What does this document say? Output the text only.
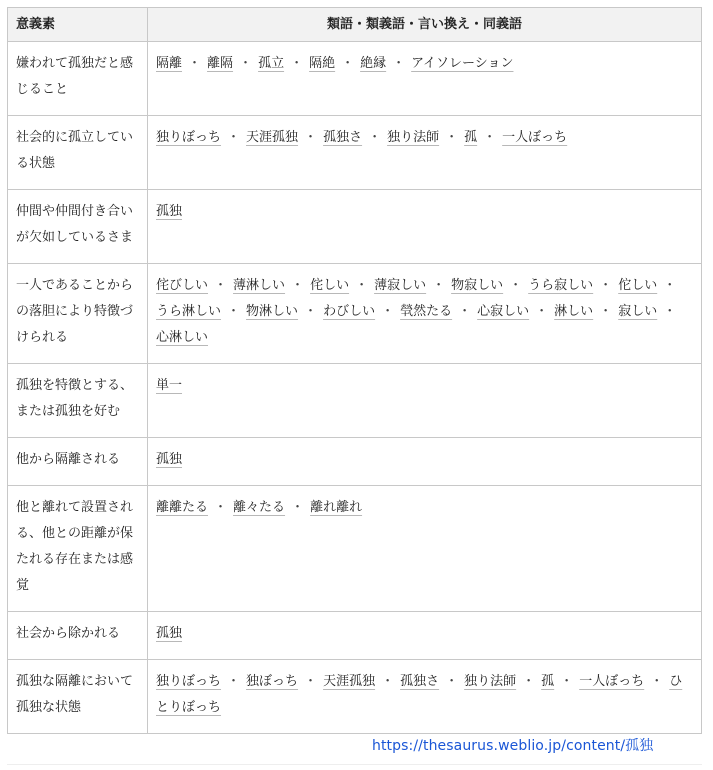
意義素	類語・類義語・言い換え・同義語
嫌われて孤独だと感じること	隔離 ・ 離隔 ・ 孤立 ・ 隔絶 ・ 絶縁 ・ アイソレーション
社会的に孤立している状態	独りぼっち ・ 天涯孤独 ・ 孤独さ ・ 独り法師 ・ 孤 ・ 一人ぼっち
仲間や仲間付き合いが欠如しているさま	孤独
一人であることからの落胆により特徴づけられる	侘びしい ・ 薄淋しい ・ 侘しい ・ 薄寂しい ・ 物寂しい ・ うら寂しい ・ 佗しい ・うら淋しい ・ 物淋しい ・ わびしい ・ 煢然たる ・ 心寂しい ・ 淋しい ・ 寂しい ・心淋しい
孤独を特徴とする、または孤独を好む	単一
他から隔離される	孤独
他と離れて設置される、他との距離が保たれる存在または感覚	離離たる ・ 離々たる ・ 離れ離れ
社会から除かれる	孤独
孤独な隔離において孤独な状態	独りぼっち ・ 独ぼっち ・ 天涯孤独 ・ 孤独さ ・ 独り法師 ・ 孤 ・ 一人ぼっち ・ ひとりぼっち
https://thesaurus.weblio.jp/content/孤独
